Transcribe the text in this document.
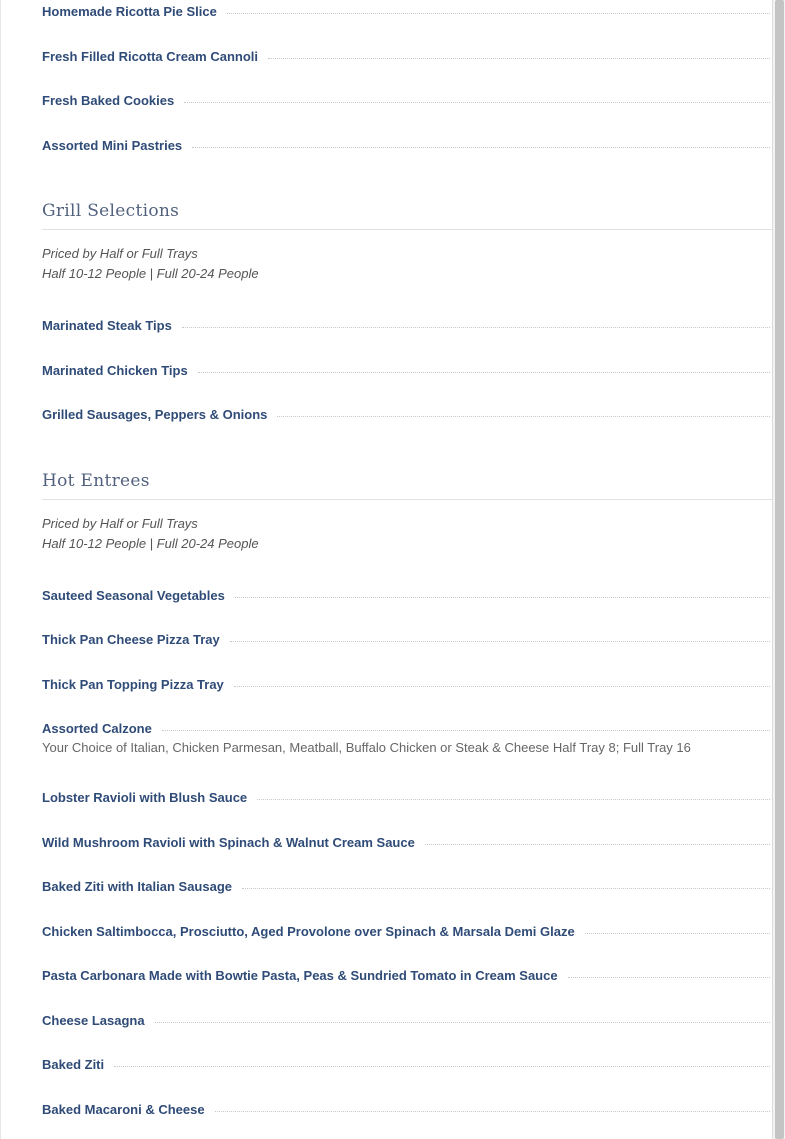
Homemade Ricotta Pie Slice
Fresh Filled Ricotta Cream Cannoli
Fresh Baked Cookies
Assorted Mini Pastries
Grill Selections
Priced by Half or Full Trays
Half 10-12 People | Full 20-24 People
Marinated Steak Tips
Marinated Chicken Tips
Grilled Sausages, Peppers & Onions
Hot Entrees
Priced by Half or Full Trays
Half 10-12 People | Full 20-24 People
Sauteed Seasonal Vegetables
Thick Pan Cheese Pizza Tray
Thick Pan Topping Pizza Tray
Assorted Calzone
Your Choice of Italian, Chicken Parmesan, Meatball, Buffalo Chicken or Steak & Cheese Half Tray 8; Full Tray 16
Lobster Ravioli with Blush Sauce
Wild Mushroom Ravioli with Spinach & Walnut Cream Sauce
Baked Ziti with Italian Sausage
Chicken Saltimbocca, Prosciutto, Aged Provolone over Spinach & Marsala Demi Glaze
Pasta Carbonara Made with Bowtie Pasta, Peas & Sundried Tomato in Cream Sauce
Cheese Lasagna
Baked Ziti
Baked Macaroni & Cheese
